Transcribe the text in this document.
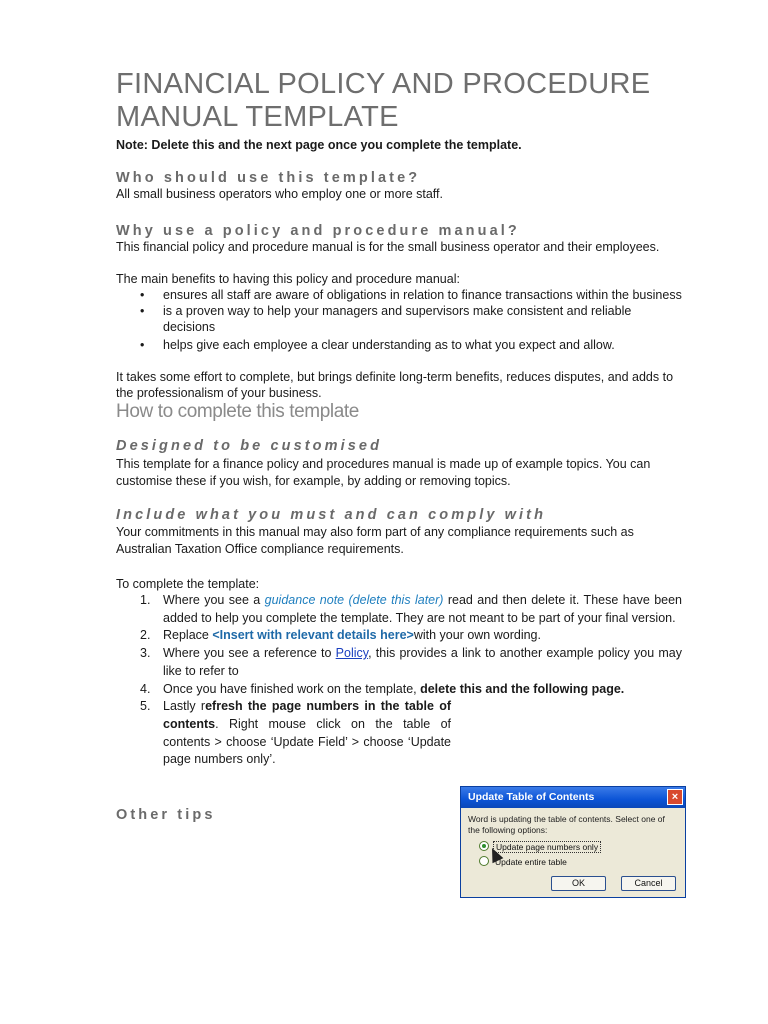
FINANCIAL POLICY AND PROCEDURE
MANUAL TEMPLATE
Note: Delete this and the next page once you complete the template.
Who should use this template?

All small business operators who employ one or more staff.

Why use a policy and procedure manual?

This financial policy and procedure manual is for the small business operator and their employees.

The main benefits to having this policy and procedure manual:

• ensures all staff are aware of obligations in relation to finance transactions within the business
• is a proven way to help your managers and supervisors make consistent and reliable decisions
• helps give each employee a clear understanding as to what you expect and allow.

It takes some effort to complete, but brings definite long-term benefits, reduces disputes, and adds to the professionalism of your business.

How to complete this template
Designed to be customised

This template for a finance policy and procedures manual is made up of example topics. You can customise these if you wish, for example, by adding or removing topics.

Include what you must and can comply with

Your commitments in this manual may also form part of any compliance requirements such as Australian Taxation Office compliance requirements.

To complete the template:

1. Where you see a guidance note (delete this later) read and then delete it. These have been added to help you complete the template. They are not meant to be part of your final version.
2. Replace <Insert with relevant details here>with your own wording.
3. Where you see a reference to Policy, this provides a link to another example policy you may like to refer to
4. Once you have finished work on the template, delete this and the following page.
5. Lastly refresh the page numbers in the table of contents. Right mouse click on the table of contents > choose ‘Update Field’ > choose ‘Update page numbers only’.
Other tips
Update Table of Contents	×
Word is updating the table of contents. Select one of the following options:
Update page numbers only
Update entire table
OK	Cancel
